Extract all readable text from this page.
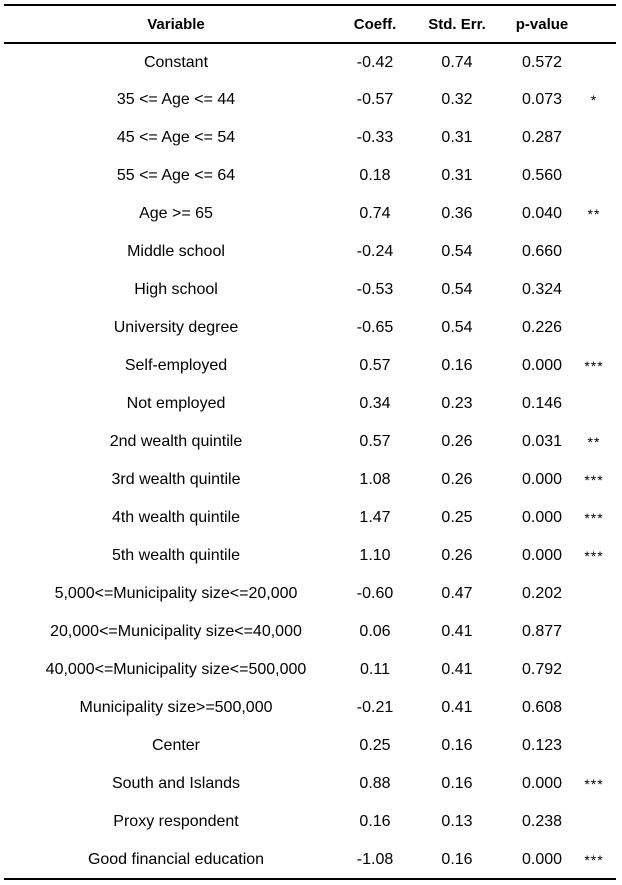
Variable	Coeff.	Std. Err.	p-value	
Constant	-0.42	0.74	0.572	
35 <= Age <= 44	-0.57	0.32	0.073	*
45 <= Age <= 54	-0.33	0.31	0.287	
55 <= Age <= 64	0.18	0.31	0.560	
Age >= 65	0.74	0.36	0.040	**
Middle school	-0.24	0.54	0.660	
High school	-0.53	0.54	0.324	
University degree	-0.65	0.54	0.226	
Self-employed	0.57	0.16	0.000	***
Not employed	0.34	0.23	0.146	
2nd wealth quintile	0.57	0.26	0.031	**
3rd wealth quintile	1.08	0.26	0.000	***
4th wealth quintile	1.47	0.25	0.000	***
5th wealth quintile	1.10	0.26	0.000	***
5,000<=Municipality size<=20,000	-0.60	0.47	0.202	
20,000<=Municipality size<=40,000	0.06	0.41	0.877	
40,000<=Municipality size<=500,000	0.11	0.41	0.792	
Municipality size>=500,000	-0.21	0.41	0.608	
Center	0.25	0.16	0.123	
South and Islands	0.88	0.16	0.000	***
Proxy respondent	0.16	0.13	0.238	
Good financial education	-1.08	0.16	0.000	***
